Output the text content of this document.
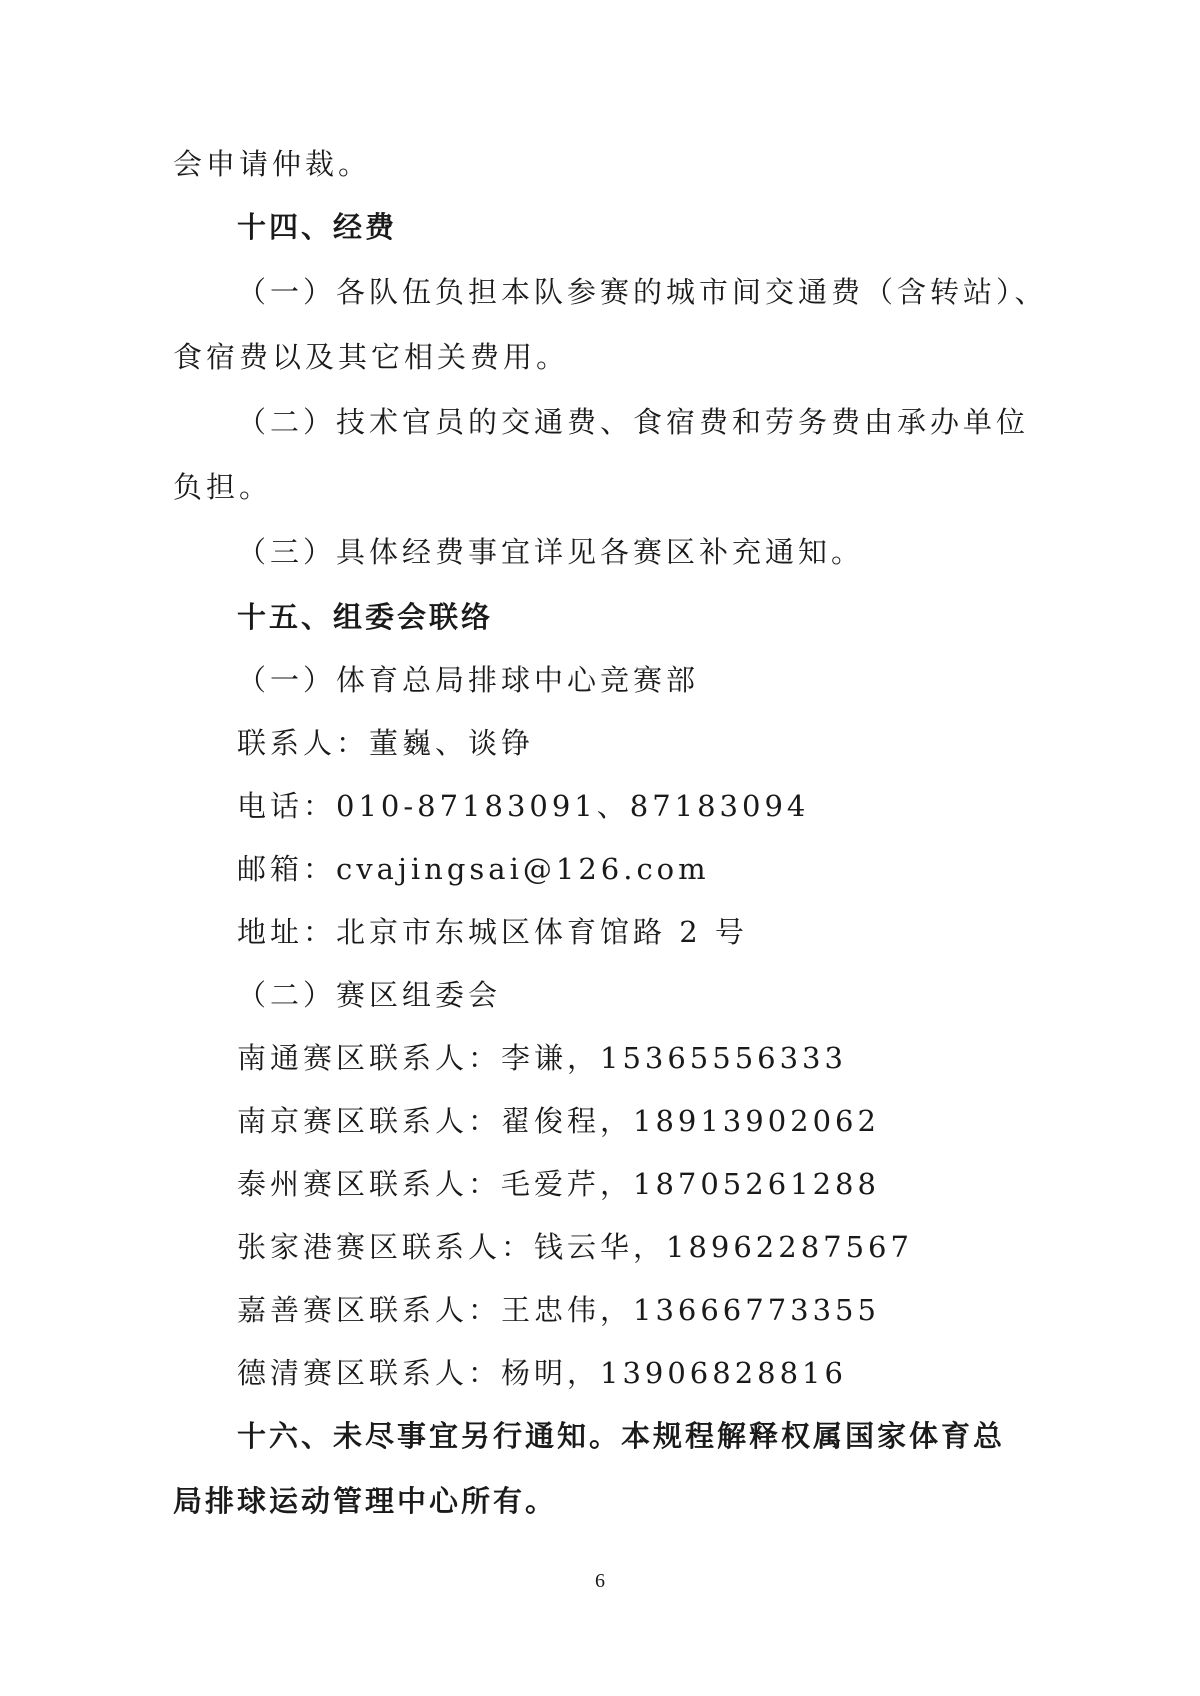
会申请仲裁。
十四、经费
（一）各队伍负担本队参赛的城市间交通费（含转站）、
食宿费以及其它相关费用。
（二）技术官员的交通费、食宿费和劳务费由承办单位
负担。
（三）具体经费事宜详见各赛区补充通知。
十五、组委会联络
（一）体育总局排球中心竞赛部
联系人：董巍、谈铮
电话：010-87183091、87183094
邮箱：cvajingsai@126.com
地址：北京市东城区体育馆路 2 号
（二）赛区组委会
南通赛区联系人：李谦，15365556333
南京赛区联系人：翟俊程，18913902062
泰州赛区联系人：毛爱芹，18705261288
张家港赛区联系人：钱云华，18962287567
嘉善赛区联系人：王忠伟，13666773355
德清赛区联系人：杨明，13906828816
十六、未尽事宜另行通知。本规程解释权属国家体育总
局排球运动管理中心所有。
6
